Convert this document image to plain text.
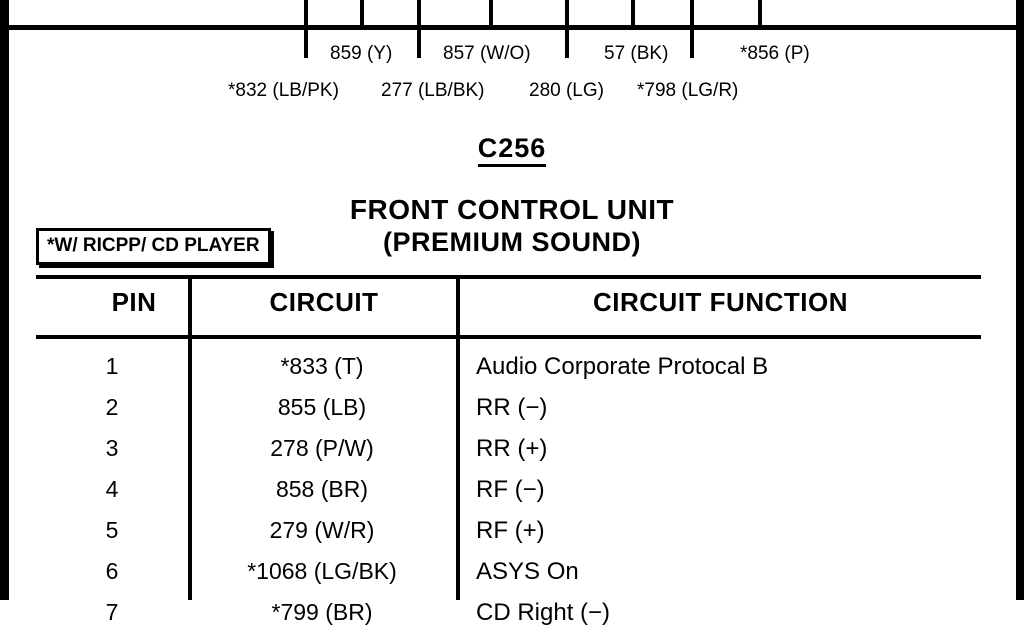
859 (Y)	857 (W/O)	57 (BK)	*856 (P)
*832 (LB/PK) 277 (LB/BK) 280 (LG) *798 (LG/R)
C256
FRONT CONTROL UNIT
(PREMIUM SOUND)
*W/ RICPP/ CD PLAYER
PIN	CIRCUIT	CIRCUIT FUNCTION
1	*833 (T)	Audio Corporate Protocal B
2	855 (LB)	RR (−)
3	278 (P/W)	RR (+)
4	858 (BR)	RF (−)
5	279 (W/R)	RF (+)
6	*1068 (LG/BK)	ASYS On
7	*799 (BR)	CD Right (−)
